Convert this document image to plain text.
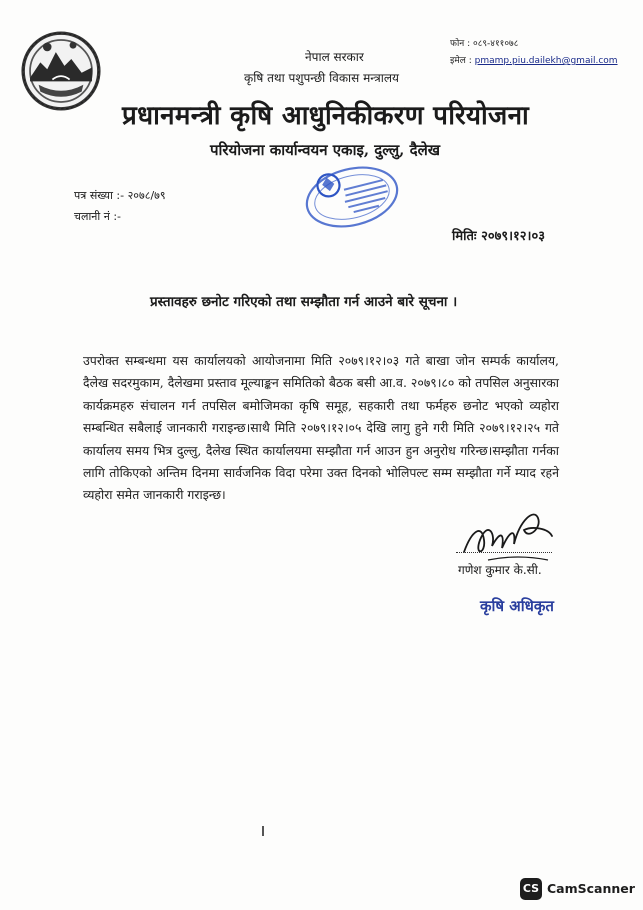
फोन : ०८९-४११०७८
इमेल : pmamp.piu.dailekh@gmail.com
नेपाल सरकार
कृषि तथा पशुपन्छी विकास मन्त्रालय
प्रधानमन्त्री कृषि आधुनिकीकरण परियोजना
परियोजना कार्यान्वयन एकाइ, दुल्लु, दैलेख
पत्र संख्या :- २०७८/७९
चलानी नं :-
मितिः २०७९।१२।०३
प्रस्तावहरु छनोट गरिएको तथा सम्झौता गर्न आउने बारे सूचना ।
उपरोक्त सम्बन्धमा यस कार्यालयको आयोजनामा मिति २०७९।१२।०३ गते बाखा जोन सम्पर्क कार्यालय, दैलेख सदरमुकाम, दैलेखमा प्रस्ताव मूल्याङ्कन समितिको बैठक बसी आ.व. २०७९।८० को तपसिल अनुसारका कार्यक्रमहरु संचालन गर्न तपसिल बमोजिमका कृषि समूह, सहकारी तथा फर्महरु छनोट भएको व्यहोरा सम्बन्धित सबैलाई जानकारी गराइन्छ।साथै मिति २०७९।१२।०५ देखि लागु हुने गरी मिति २०७९।१२।२५ गते कार्यालय समय भित्र दुल्लु, दैलेख स्थित कार्यालयमा सम्झौता गर्न आउन हुन अनुरोध गरिन्छ।सम्झौता गर्नका लागि तोकिएको अन्तिम दिनमा सार्वजनिक विदा परेमा उक्त दिनको भोलिपल्ट सम्म सम्झौता गर्ने म्याद रहने व्यहोरा समेत जानकारी गराइन्छ।
गणेश कुमार के.सी.
कृषि अधिकृत
CS CamScanner
